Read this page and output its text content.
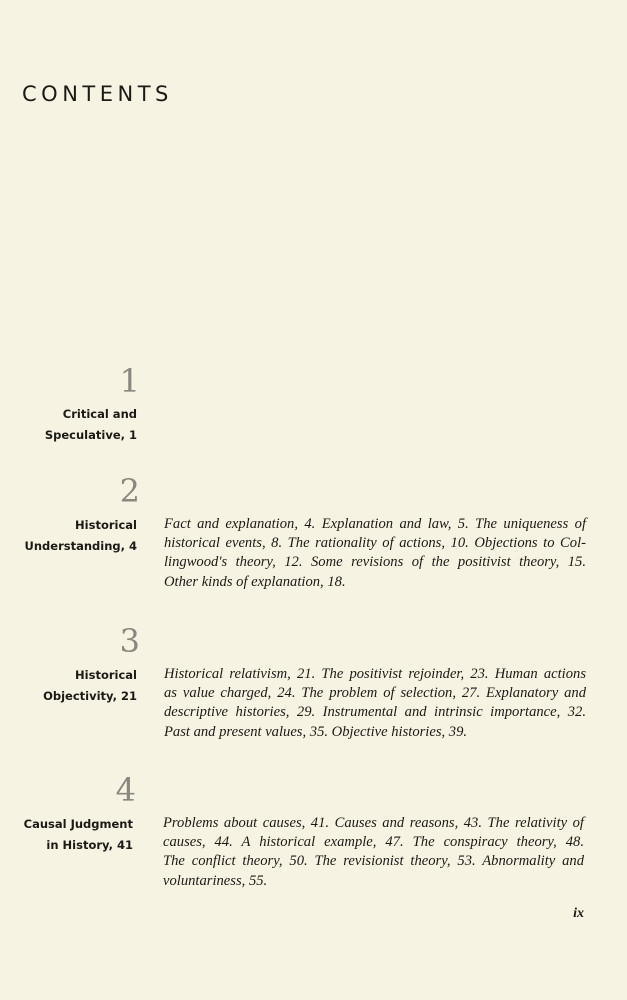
CONTENTS
1
Critical and
Speculative, 1
2
Historical
Understanding, 4
Fact and explanation, 4. Explanation and law, 5. The uniqueness of
historical events, 8. The rationality of actions, 10. Objections to Col-
lingwood's theory, 12. Some revisions of the positivist theory, 15.
Other kinds of explanation, 18.
3
Historical
Objectivity, 21
Historical relativism, 21. The positivist rejoinder, 23. Human actions
as value charged, 24. The problem of selection, 27. Explanatory and
descriptive histories, 29. Instrumental and intrinsic importance, 32.
Past and present values, 35. Objective histories, 39.
4
Causal Judgment
in History, 41
Problems about causes, 41. Causes and reasons, 43. The relativity of
causes, 44. A historical example, 47. The conspiracy theory, 48.
The conflict theory, 50. The revisionist theory, 53. Abnormality and
voluntariness, 55.
ix
